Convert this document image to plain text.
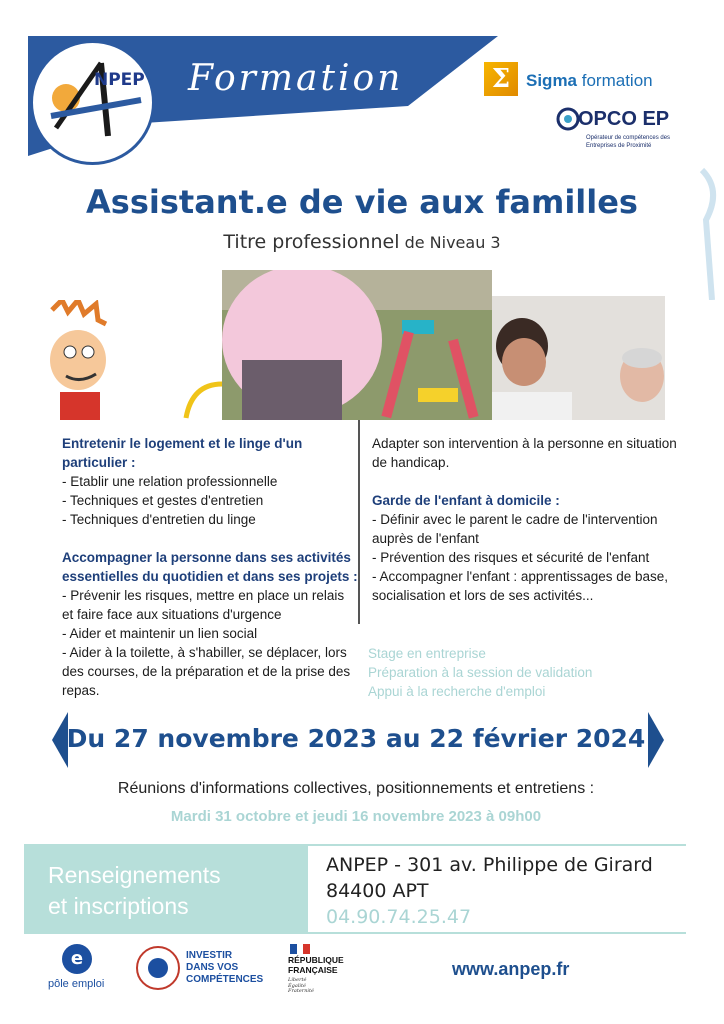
NPEP Formation	Σ Sigma formation
OPCO EP
Opérateur de compétences des Entreprises de Proximité
Assistant.e de vie aux familles
Titre professionnel de Niveau 3
Entretenir le logement et le linge d'un particulier :
- Etablir une relation professionnelle
- Techniques et gestes d'entretien
- Techniques d'entretien du linge
Accompagner la personne dans ses activités essentielles du quotidien et dans ses projets :
- Prévenir les risques, mettre en place un relais et faire face aux situations d'urgence
- Aider et maintenir un lien social
- Aider à la toilette, à s'habiller, se déplacer, lors des courses, de la préparation et de la prise des repas.
Adapter son intervention à la personne en situation de handicap.
Garde de l'enfant à domicile :
- Définir avec le parent le cadre de l'intervention auprès de l'enfant
- Prévention des risques et sécurité de l'enfant
- Accompagner l'enfant : apprentissages de base, socialisation et lors de ses activités...
Stage en entreprise
Préparation à la session de validation
Appui à la recherche d'emploi
Du 27 novembre 2023 au 22 février 2024
Réunions d'informations collectives, positionnements et entretiens :
Mardi 31 octobre et jeudi 16 novembre 2023 à 09h00
Renseignements
et inscriptions
ANPEP - 301 av. Philippe de Girard
84400 APT
04.90.74.25.47
e
pôle emploi
INVESTIR
DANS VOS
COMPÉTENCES
RÉPUBLIQUE
FRANÇAISE
Liberté
Égalité
Fraternité
www.anpep.fr
